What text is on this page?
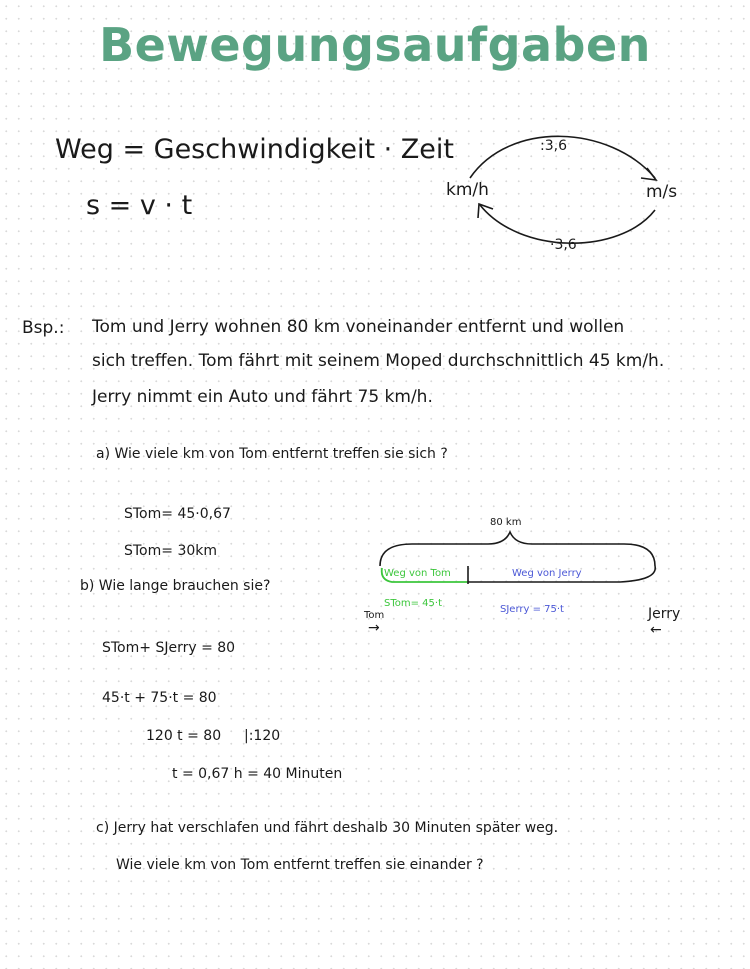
Bewegungsaufgaben
Weg = Geschwindigkeit · Zeit
s = v · t	km/h	m/s
:3,6
·3,6
Bsp.: Tom und Jerry wohnen 80 km voneinander entfernt und wollen
sich treffen. Tom fährt mit seinem Moped durchschnittlich 45 km/h.
Jerry nimmt ein Auto und fährt 75 km/h.
a) Wie viele km von Tom entfernt treffen sie sich ?
STom= 45·0,67
STom= 30km
b) Wie lange brauchen sie?
STom+ SJerry = 80
45·t + 75·t = 80
120 t = 80 |:120
t = 0,67 h = 40 Minuten
80 km
Weg von Tom	Weg von Jerry
STom= 45·t
SJerry = 75·t
Tom
→
Jerry
←
c) Jerry hat verschlafen und fährt deshalb 30 Minuten später weg.
Wie viele km von Tom entfernt treffen sie einander ?
